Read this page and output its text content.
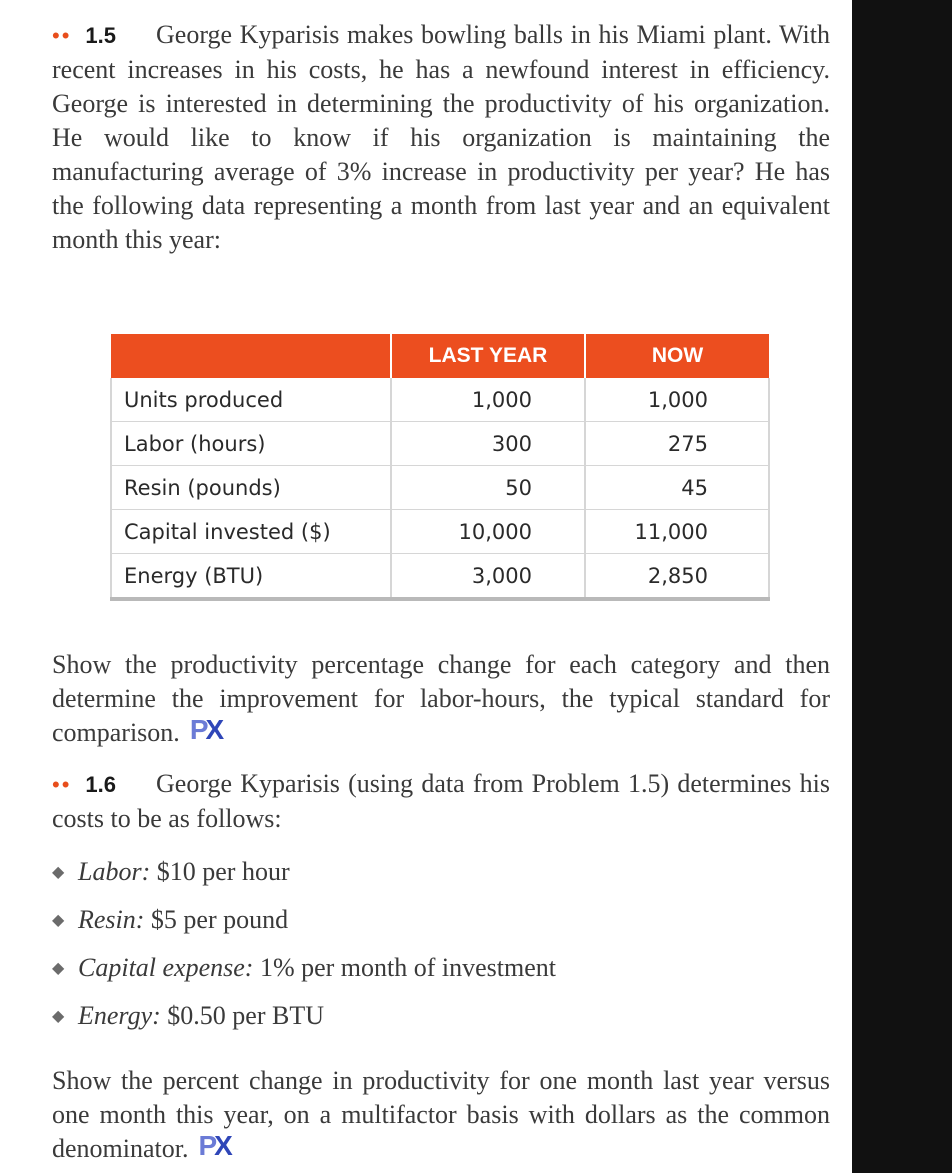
•• 1.5 George Kyparisis makes bowling balls in his Miami plant. With recent increases in his costs, he has a newfound interest in efficiency. George is interested in determining the productivity of his organization. He would like to know if his organization is maintaining the manufacturing average of 3% increase in productivity per year? He has the following data representing a month from last year and an equivalent month this year:

	LAST YEAR	NOW
Units produced	1,000	1,000
Labor (hours)	300	275
Resin (pounds)	50	45
Capital invested ($)	10,000	11,000
Energy (BTU)	3,000	2,850

Show the productivity percentage change for each category and then determine the improvement for labor-hours, the typical standard for comparison. PX

•• 1.6 George Kyparisis (using data from Problem 1.5) determines his costs to be as follows:

◆ Labor: $10 per hour
◆ Resin: $5 per pound
◆ Capital expense: 1% per month of investment
◆ Energy: $0.50 per BTU

Show the percent change in productivity for one month last year versus one month this year, on a multifactor basis with dollars as the common denominator. PX
